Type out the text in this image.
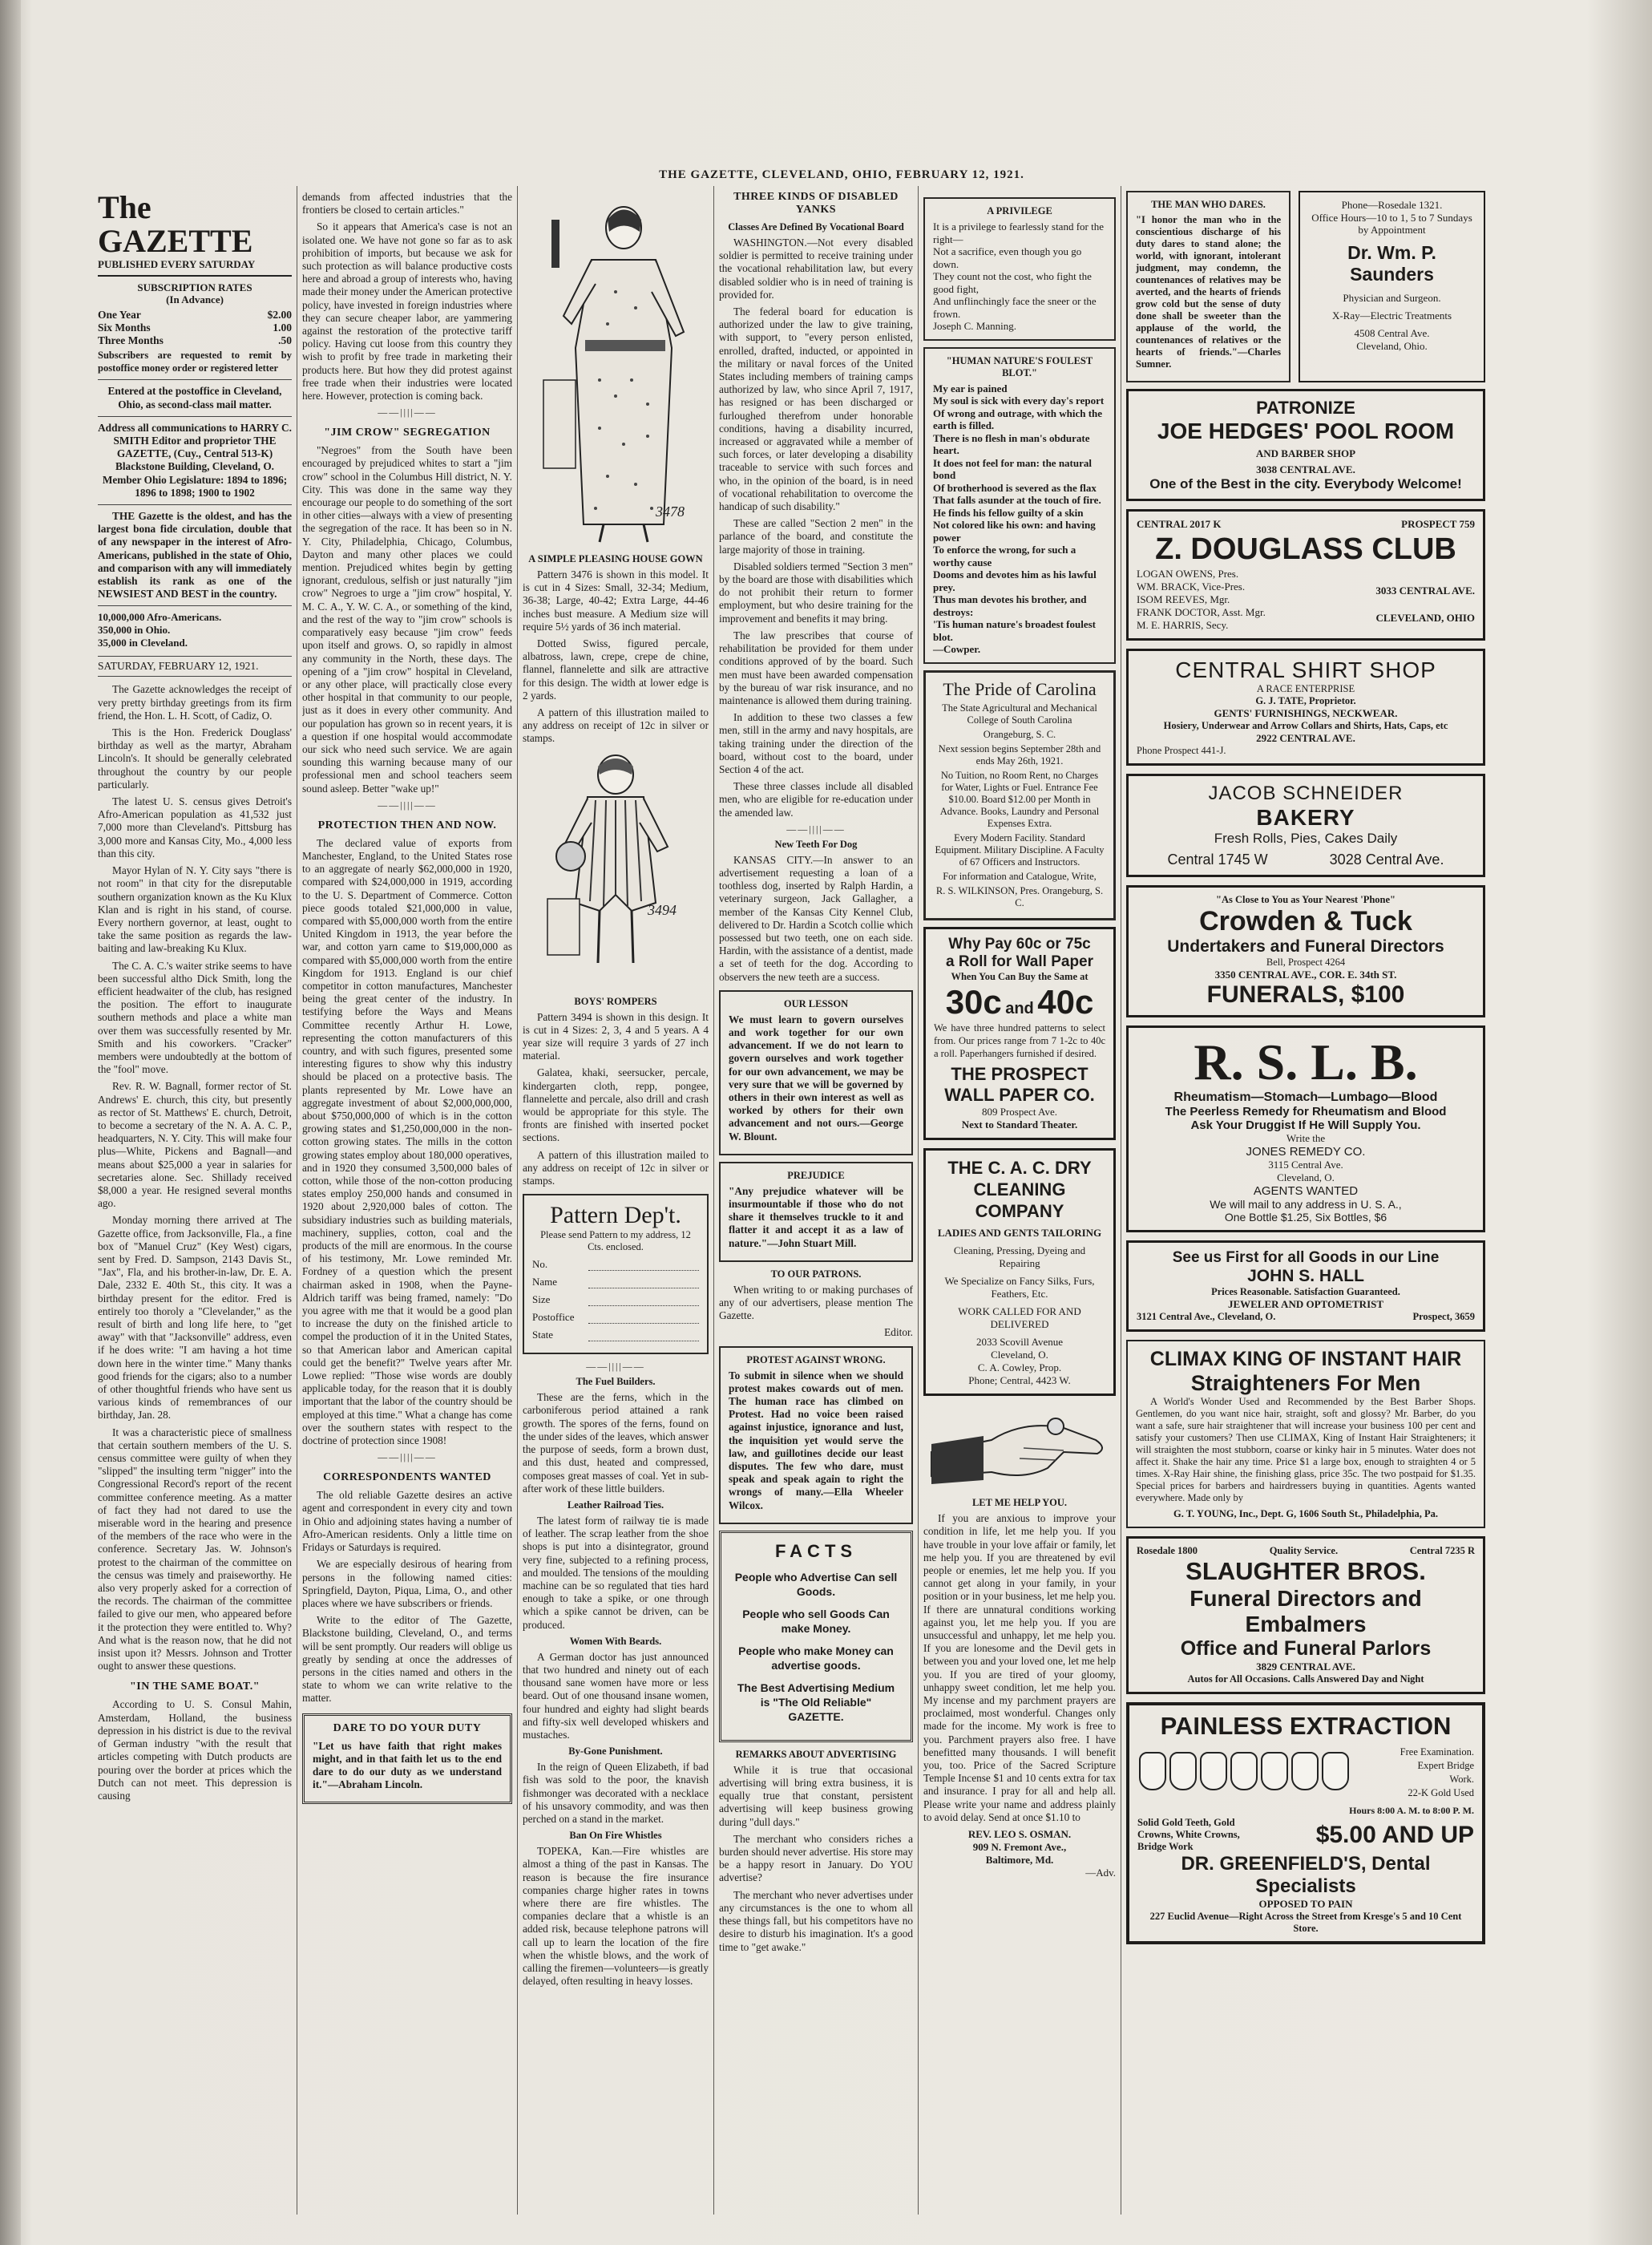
THE GAZETTE, CLEVELAND, OHIO, FEBRUARY 12, 1921.
The GAZETTE
PUBLISHED EVERY SATURDAY
SUBSCRIPTION RATES
(In Advance)
One Year	$2.00
Six Months	1.00
Three Months	.50

Subscribers are requested to remit by postoffice money order or registered letter

Entered at the postoffice in Cleveland, Ohio, as second-class mail matter.

Address all communications to HARRY C. SMITH Editor and proprietor THE GAZETTE, (Cuy., Central 513-K) Blackstone Building, Cleveland, O. Member Ohio Legislature: 1894 to 1896; 1896 to 1898; 1900 to 1902

THE Gazette is the oldest, and has the largest bona fide circulation, double that of any newspaper in the interest of Afro-Americans, published in the state of Ohio, and comparison with any will immediately establish its rank as one of the NEWSIEST AND BEST in the country.

10,000,000 Afro-Americans.
350,000 in Ohio.
35,000 in Cleveland.
SATURDAY, FEBRUARY 12, 1921.

The Gazette acknowledges the receipt of very pretty birthday greetings from its firm friend, the Hon. L. H. Scott, of Cadiz, O.

This is the Hon. Frederick Douglass' birthday as well as the martyr, Abraham Lincoln's. It should be generally celebrated throughout the country by our people particularly.

The latest U. S. census gives Detroit's Afro-American population as 41,532 just 7,000 more than Cleveland's. Pittsburg has 3,000 more and Kansas City, Mo., 4,000 less than this city.

Mayor Hylan of N. Y. City says "there is not room" in that city for the disreputable southern organization known as the Ku Klux Klan and is right in his stand, of course. Every northern governor, at least, ought to take the same position as regards the law-baiting and law-breaking Ku Klux.

The C. A. C.'s waiter strike seems to have been successful altho Dick Smith, long the efficient headwaiter of the club, has resigned the position. The effort to inaugurate southern methods and place a white man over them was successfully resented by Mr. Smith and his coworkers. "Cracker" members were undoubtedly at the bottom of the "fool" move.

Rev. R. W. Bagnall, former rector of St. Andrews' E. church, this city, but presently as rector of St. Matthews' E. church, Detroit, to become a secretary of the N. A. A. C. P., headquarters, N. Y. City. This will make four plus—White, Pickens and Bagnall—and means about $25,000 a year in salaries for secretaries alone. Sec. Shillady received $8,000 a year. He resigned several months ago.

Monday morning there arrived at The Gazette office, from Jacksonville, Fla., a fine box of "Manuel Cruz" (Key West) cigars, sent by Fred. D. Sampson, 2143 Davis St., "Jax", Fla, and his brother-in-law, Dr. E. A. Dale, 2332 E. 40th St., this city. It was a birthday present for the editor. Fred is entirely too thoroly a "Clevelander," as the result of birth and long life here, to "get away" with that "Jacksonville" address, even if he does write: "I am having a hot time down here in the winter time." Many thanks good friends for the cigars; also to a number of other thoughtful friends who have sent us various kinds of remembrances of our birthday, Jan. 28.

It was a characteristic piece of smallness that certain southern members of the U. S. census committee were guilty of when they "slipped" the insulting term "nigger" into the Congressional Record's report of the recent committee conference meeting. As a matter of fact they had not dared to use the miserable word in the hearing and presence of the members of the race who were in the conference. Secretary Jas. W. Johnson's protest to the chairman of the committee on the census was timely and praiseworthy. He also very properly asked for a correction of the records. The chairman of the committee failed to give our men, who appeared before it the protection they were entitled to. Why? And what is the reason now, that he did not insist upon it? Messrs. Johnson and Trotter ought to answer these questions.

"IN THE SAME BOAT."

According to U. S. Consul Mahin, Amsterdam, Holland, the business depression in his district is due to the revival of German industry "with the result that articles competing with Dutch products are pouring over the border at prices which the Dutch can not meet. This depression is causing

demands from affected industries that the frontiers be closed to certain articles."

So it appears that America's case is not an isolated one. We have not gone so far as to ask prohibition of imports, but because we ask for such protection as will balance productive costs here and abroad a group of interests who, having made their money under the American protective policy, have invested in foreign industries where they can secure cheaper labor, are yammering against the restoration of the protective tariff policy. Having cut loose from this country they wish to profit by free trade in marketing their products here. But how they did protest against free trade when their industries were located here. However, protection is coming back.

——||||——
"JIM CROW" SEGREGATION

"Negroes" from the South have been encouraged by prejudiced whites to start a "jim crow" school in the Columbus Hill district, N. Y. City. This was done in the same way they encourage our people to do something of the sort in other cities—always with a view of presenting the segregation of the race. It has been so in N. Y. City, Philadelphia, Chicago, Columbus, Dayton and many other places we could mention. Prejudiced whites begin by getting ignorant, credulous, selfish or just naturally "jim crow" Negroes to urge a "jim crow" hospital, Y. M. C. A., Y. W. C. A., or something of the kind, and the rest of the way to "jim crow" schools is comparatively easy because "jim crow" feeds upon itself and grows. O, so rapidly in almost any community in the North, these days. The opening of a "jim crow" hospital in Cleveland, or any other place, will practically close every other hospital in that community to our people, just as it does in every other community. And our population has grown so in recent years, it is a question if one hospital would accommodate our sick who need such service. We are again sounding this warning because many of our professional men and school teachers seem sound asleep. Better "wake up!"

——||||——
PROTECTION THEN AND NOW.

The declared value of exports from Manchester, England, to the United States rose to an aggregate of nearly $62,000,000 in 1920, compared with $24,000,000 in 1919, according to the U. S. Department of Commerce. Cotton piece goods totaled $21,000,000 in value, compared with $5,000,000 worth from the entire United Kingdom in 1913, the year before the war, and cotton yarn came to $19,000,000 as compared with $5,000,000 worth from the entire Kingdom for 1913. England is our chief competitor in cotton manufactures, Manchester being the great center of the industry. In testifying before the Ways and Means Committee recently Arthur H. Lowe, representing the cotton manufacturers of this country, and with such figures, presented some interesting figures to show why this industry should be placed on a protective basis. The plants represented by Mr. Lowe have an aggregate investment of about $2,000,000,000, about $750,000,000 of which is in the cotton growing states and $1,250,000,000 in the non-cotton growing states. The mills in the cotton growing states employ about 180,000 operatives, and in 1920 they consumed 3,500,000 bales of cotton, while those of the non-cotton producing states employ 250,000 hands and consumed in 1920 about 2,920,000 bales of cotton. The subsidiary industries such as building materials, machinery, supplies, cotton, coal and the products of the mill are enormous. In the course of his testimony, Mr. Lowe reminded Mr. Fordney of a question which the present chairman asked in 1908, when the Payne-Aldrich tariff was being framed, namely: "Do you agree with me that it would be a good plan to increase the duty on the finished article to compel the production of it in the United States, so that American labor and American capital could get the benefit?" Twelve years after Mr. Lowe replied: "Those wise words are doubly applicable today, for the reason that it is doubly important that the labor of the country should be employed at this time." What a change has come over the southern states with respect to the doctrine of protection since 1908!

——||||——
CORRESPONDENTS WANTED

The old reliable Gazette desires an active agent and correspondent in every city and town in Ohio and adjoining states having a number of Afro-American residents. Only a little time on Fridays or Saturdays is required.

We are especially desirous of hearing from persons in the following named cities: Springfield, Dayton, Piqua, Lima, O., and other places where we have subscribers or friends.

Write to the editor of The Gazette, Blackstone building, Cleveland, O., and terms will be sent promptly. Our readers will oblige us greatly by sending at once the addresses of persons in the cities named and others in the state to whom we can write relative to the matter.

DARE TO DO YOUR DUTY

"Let us have faith that right makes might, and in that faith let us to the end dare to do our duty as we understand it."—Abraham Lincoln.

3478
A SIMPLE PLEASING HOUSE GOWN

Pattern 3476 is shown in this model. It is cut in 4 Sizes: Small, 32-34; Medium, 36-38; Large, 40-42; Extra Large, 44-46 inches bust measure. A Medium size will require 5½ yards of 36 inch material.

Dotted Swiss, figured percale, albatross, lawn, crepe, crepe de chine, flannel, flannelette and silk are attractive for this design. The width at lower edge is 2 yards.

A pattern of this illustration mailed to any address on receipt of 12c in silver or stamps.

3494
BOYS' ROMPERS

Pattern 3494 is shown in this design. It is cut in 4 Sizes: 2, 3, 4 and 5 years. A 4 year size will require 3 yards of 27 inch material.

Galatea, khaki, seersucker, percale, kindergarten cloth, repp, pongee, flannelette and percale, also drill and crash would be appropriate for this style. The fronts are finished with inserted pocket sections.

A pattern of this illustration mailed to any address on receipt of 12c in silver or stamps.

Pattern Dep't.
Please send Pattern to my address, 12 Cts. enclosed.
No.
Name
Size
Postoffice
State
——||||——
The Fuel Builders.

These are the ferns, which in the carboniferous period attained a rank growth. The spores of the ferns, found on the under sides of the leaves, which answer the purpose of seeds, form a brown dust, and this dust, heated and compressed, composes great masses of coal. Yet in sub-after work of these little builders.

Leather Railroad Ties.

The latest form of railway tie is made of leather. The scrap leather from the shoe shops is put into a disintegrator, ground very fine, subjected to a refining process, and moulded. The tensions of the moulding machine can be so regulated that ties hard enough to take a spike, or one through which a spike cannot be driven, can be produced.

Women With Beards.

A German doctor has just announced that two hundred and ninety out of each thousand sane women have more or less beard. Out of one thousand insane women, four hundred and eighty had slight beards and fifty-six well developed whiskers and mustaches.

By-Gone Punishment.

In the reign of Queen Elizabeth, if bad fish was sold to the poor, the knavish fishmonger was decorated with a necklace of his unsavory commodity, and was then perched on a stand in the market.

Ban On Fire Whistles

TOPEKA, Kan.—Fire whistles are almost a thing of the past in Kansas. The reason is because the fire insurance companies charge higher rates in towns where there are fire whistles. The companies declare that a whistle is an added risk, because telephone patrons will call up to learn the location of the fire when the whistle blows, and the work of calling the firemen—volunteers—is greatly delayed, often resulting in heavy losses.

THREE KINDS OF DISABLED YANKS
Classes Are Defined By Vocational Board

WASHINGTON.—Not every disabled soldier is permitted to receive training under the vocational rehabilitation law, but every disabled soldier who is in need of training is provided for.

The federal board for education is authorized under the law to give training, with support, to "every person enlisted, enrolled, drafted, inducted, or appointed in the military or naval forces of the United States including members of training camps authorized by law, who since April 7, 1917, has resigned or has been discharged or furloughed therefrom under honorable conditions, having a disability incurred, increased or aggravated while a member of such forces, or later developing a disability traceable to service with such forces and who, in the opinion of the board, is in need of vocational rehabilitation to overcome the handicap of such disability."

These are called "Section 2 men" in the parlance of the board, and constitute the large majority of those in training.

Disabled soldiers termed "Section 3 men" by the board are those with disabilities which do not prohibit their return to former employment, but who desire training for the improvement and benefits it may bring.

The law prescribes that course of rehabilitation be provided for them under conditions approved of by the board. Such men must have been awarded compensation by the bureau of war risk insurance, and no maintenance is allowed them during training.

In addition to these two classes a few men, still in the army and navy hospitals, are taking training under the direction of the board, without cost to the board, under Section 4 of the act.

These three classes include all disabled men, who are eligible for re-education under the amended law.

——||||——
New Teeth For Dog

KANSAS CITY.—In answer to an advertisement requesting a loan of a toothless dog, inserted by Ralph Hardin, a veterinary surgeon, Jack Gallagher, a member of the Kansas City Kennel Club, delivered to Dr. Hardin a Scotch collie which possessed but two teeth, one on each side. Hardin, with the assistance of a dentist, made a set of teeth for the dog. According to observers the new teeth are a success.

OUR LESSON

We must learn to govern ourselves and work together for our own advancement. If we do not learn to govern ourselves and work together for our own advancement, we may be very sure that we will be governed by others in their own interest as well as worked by others for their own advancement and not ours.—George W. Blount.

PREJUDICE

"Any prejudice whatever will be insurmountable if those who do not share it themselves truckle to it and flatter it and accept it as a law of nature."—John Stuart Mill.

TO OUR PATRONS.

When writing to or making purchases of any of our advertisers, please mention The Gazette.

Editor.

PROTEST AGAINST WRONG.

To submit in silence when we should protest makes cowards out of men. The human race has climbed on Protest. Had no voice been raised against injustice, ignorance and lust, the inquisition yet would serve the law, and guillotines decide our least disputes. The few who dare, must speak and speak again to right the wrongs of many.—Ella Wheeler Wilcox.

FACTS
People who Advertise Can sell Goods.
People who sell Goods Can make Money.
People who make Money can advertise goods.
The Best Advertising Medium is "The Old Reliable" GAZETTE.
REMARKS ABOUT ADVERTISING

While it is true that occasional advertising will bring extra business, it is equally true that constant, persistent advertising will keep business growing during "dull days."

The merchant who considers riches a burden should never advertise. His store may be a happy resort in January. Do YOU advertise?

The merchant who never advertises under any circumstances is the one to whom all these things fall, but his competitors have no desire to disturb his imagination. It's a good time to "get awake."

A PRIVILEGE
It is a privilege to fearlessly stand for the right—
Not a sacrifice, even though you go down.
They count not the cost, who fight the good fight,
And unflinchingly face the sneer or the frown.
Joseph C. Manning.
"HUMAN NATURE'S FOULEST BLOT."
My ear is pained
My soul is sick with every day's report
Of wrong and outrage, with which the earth is filled.
There is no flesh in man's obdurate heart.
It does not feel for man: the natural bond
Of brotherhood is severed as the flax
That falls asunder at the touch of fire.
He finds his fellow guilty of a skin
Not colored like his own: and having power
To enforce the wrong, for such a worthy cause
Dooms and devotes him as his lawful prey.
Thus man devotes his brother, and destroys:
'Tis human nature's broadest foulest blot.
—Cowper.
The Pride of Carolina
The State Agricultural and Mechanical College of South Carolina
Orangeburg, S. C.
Next session begins September 28th and ends May 26th, 1921.
No Tuition, no Room Rent, no Charges for Water, Lights or Fuel. Entrance Fee $10.00. Board $12.00 per Month in Advance. Books, Laundry and Personal Expenses Extra.
Every Modern Facility. Standard Equipment. Military Discipline. A Faculty of 67 Officers and Instructors.
For information and Catalogue, Write,
R. S. WILKINSON, Pres. Orangeburg, S. C.
Why Pay 60c or 75c
a Roll for Wall Paper
When You Can Buy the Same at
30c and 40c

We have three hundred patterns to select from. Our prices range from 7 1-2c to 40c a roll. Paperhangers furnished if desired.

THE PROSPECT WALL PAPER CO.
809 Prospect Ave.
Next to Standard Theater.
THE C. A. C. DRY CLEANING COMPANY
LADIES AND GENTS TAILORING
Cleaning, Pressing, Dyeing and Repairing
We Specialize on Fancy Silks, Furs, Feathers, Etc.
WORK CALLED FOR AND DELIVERED
2033 Scovill Avenue
Cleveland, O.
C. A. Cowley, Prop.
Phone; Central, 4423 W.
LET ME HELP YOU.

If you are anxious to improve your condition in life, let me help you. If you have trouble in your love affair or family, let me help you. If you are threatened by evil people or enemies, let me help you. If you cannot get along in your family, in your position or in your business, let me help you. If there are unnatural conditions working against you, let me help you. If you are unsuccessful and unhappy, let me help you. If you are lonesome and the Devil gets in between you and your loved one, let me help you. If you are tired of your gloomy, unhappy sweet condition, let me help you. My incense and my parchment prayers are proclaimed, most wonderful. Changes only made for the income. My work is free to you. Parchment prayers also free. I have benefitted many thousands. I will benefit you, too. Price of the Sacred Scripture Temple Incense $1 and 10 cents extra for tax and insurance. I pray for all and help all. Please write your name and address plainly to avoid delay. Send at once $1.10 to

REV. LEO S. OSMAN.
909 N. Fremont Ave.,
Baltimore, Md.
—Adv.
THE MAN WHO DARES.

"I honor the man who in the conscientious discharge of his duty dares to stand alone; the world, with ignorant, intolerant judgment, may condemn, the countenances of relatives may be averted, and the hearts of friends grow cold but the sense of duty done shall be sweeter than the applause of the world, the countenances of relatives or the hearts of friends."—Charles Sumner.

Phone—Rosedale 1321.
Office Hours—10 to 1, 5 to 7 Sundays by Appointment
Dr. Wm. P. Saunders
Physician and Surgeon.
X-Ray—Electric Treatments
4508 Central Ave.
Cleveland, Ohio.
PATRONIZE
JOE HEDGES' POOL ROOM
AND BARBER SHOP
3038 CENTRAL AVE.
One of the Best in the city. Everybody Welcome!
CENTRAL 2017 K	PROSPECT 759
Z. DOUGLASS CLUB
LOGAN OWENS, Pres.
WM. BRACK, Vice-Pres.
ISOM REEVES, Mgr.
FRANK DOCTOR, Asst. Mgr.
M. E. HARRIS, Secy.
3033 CENTRAL AVE.
CLEVELAND, OHIO
CENTRAL SHIRT SHOP
A RACE ENTERPRISE
G. J. TATE, Proprietor.
GENTS' FURNISHINGS, NECKWEAR.
Hosiery, Underwear and Arrow Collars and Shirts, Hats, Caps, etc
2922 CENTRAL AVE.
Phone Prospect 441-J.
JACOB SCHNEIDER
BAKERY
Fresh Rolls, Pies, Cakes Daily
Central 1745 W	3028 Central Ave.
"As Close to You as Your Nearest 'Phone"
Crowden & Tuck
Undertakers and Funeral Directors
Bell, Prospect 4264
3350 CENTRAL AVE., COR. E. 34th ST.
FUNERALS, $100
R. S. L. B.
Rheumatism—Stomach—Lumbago—Blood
The Peerless Remedy for Rheumatism and Blood
Ask Your Druggist If He Will Supply You.
Write the
JONES REMEDY CO.
3115 Central Ave.
Cleveland, O.
AGENTS WANTED
We will mail to any address in U. S. A.,
One Bottle $1.25, Six Bottles, $6
See us First for all Goods in our Line
JOHN S. HALL
Prices Reasonable. Satisfaction Guaranteed.
JEWELER AND OPTOMETRIST
3121 Central Ave., Cleveland, O.	Prospect, 3659
CLIMAX KING OF INSTANT HAIR
Straighteners For Men

A World's Wonder Used and Recommended by the Best Barber Shops. Gentlemen, do you want nice hair, straight, soft and glossy? Mr. Barber, do you want a safe, sure hair straightener that will increase your business 100 per cent and satisfy your customers? Then use CLIMAX, King of Instant Hair Straighteners; it will straighten the most stubborn, coarse or kinky hair in 5 minutes. Water does not affect it. Shake the hair any time. Price $1 a large box, enough to straighten 4 or 5 times. X-Ray Hair shine, the finishing glass, price 35c. The two postpaid for $1.35. Special prices for barbers and hairdressers buying in quantities. Agents wanted everywhere. Made only by

G. T. YOUNG, Inc., Dept. G, 1606 South St., Philadelphia, Pa.
Rosedale 1800	Quality Service.	Central 7235 R
SLAUGHTER BROS.
Funeral Directors and Embalmers
Office and Funeral Parlors
3829 CENTRAL AVE.
Autos for All Occasions. Calls Answered Day and Night
PAINLESS EXTRACTION
Free Examination.
Expert Bridge Work.
22-K Gold Used
Hours 8:00 A. M. to 8:00 P. M.
Solid Gold Teeth, Gold Crowns, White Crowns, Bridge Work	$5.00 AND UP
DR. GREENFIELD'S, Dental Specialists
OPPOSED TO PAIN
227 Euclid Avenue—Right Across the Street from Kresge's 5 and 10 Cent Store.
